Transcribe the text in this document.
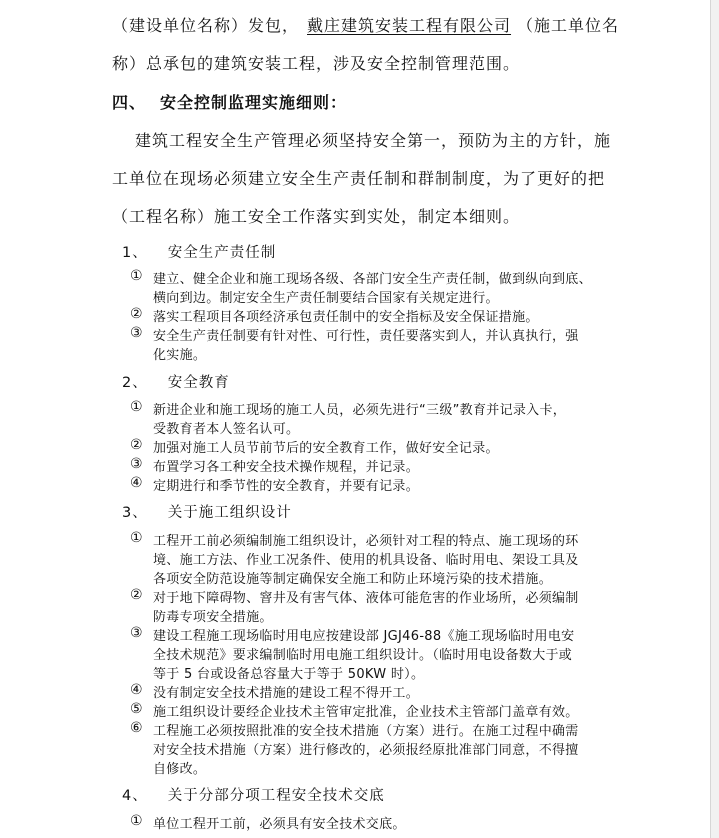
（建设单位名称）发包， 戴庄建筑安装工程有限公司 （施工单位名
称）总承包的建筑安装工程，涉及安全控制管理范围。
四、 安全控制监理实施细则：
建筑工程安全生产管理必须坚持安全第一，预防为主的方针，施
工单位在现场必须建立安全生产责任制和群制制度，为了更好的把
（工程名称）施工安全工作落实到实处，制定本细则。
1、 安全生产责任制
① 建立、健全企业和施工现场各级、各部门安全生产责任制，做到纵向到底、
横向到边。制定安全生产责任制要结合国家有关规定进行。
② 落实工程项目各项经济承包责任制中的安全指标及安全保证措施。
③ 安全生产责任制要有针对性、可行性，责任要落实到人，并认真执行，强
化实施。
2、 安全教育
① 新进企业和施工现场的施工人员，必须先进行“三级”教育并记录入卡，
受教育者本人签名认可。
② 加强对施工人员节前节后的安全教育工作，做好安全记录。
③ 布置学习各工种安全技术操作规程，并记录。
④ 定期进行和季节性的安全教育，并要有记录。
3、 关于施工组织设计
① 工程开工前必须编制施工组织设计，必须针对工程的特点、施工现场的环
境、施工方法、作业工况条件、使用的机具设备、临时用电、架设工具及
各项安全防范设施等制定确保安全施工和防止环境污染的技术措施。
② 对于地下障碍物、窨井及有害气体、液体可能危害的作业场所，必须编制
防毒专项安全措施。
③ 建设工程施工现场临时用电应按建设部 JGJ46-88《施工现场临时用电安
全技术规范》要求编制临时用电施工组织设计。（临时用电设备数大于或
等于 5 台或设备总容量大于等于 50KW 时）。
④ 没有制定安全技术措施的建设工程不得开工。
⑤ 施工组织设计要经企业技术主管审定批准，企业技术主管部门盖章有效。
⑥ 工程施工必须按照批准的安全技术措施（方案）进行。在施工过程中确需
对安全技术措施（方案）进行修改的，必须报经原批准部门同意，不得擅
自修改。
4、 关于分部分项工程安全技术交底
① 单位工程开工前，必须具有安全技术交底。
